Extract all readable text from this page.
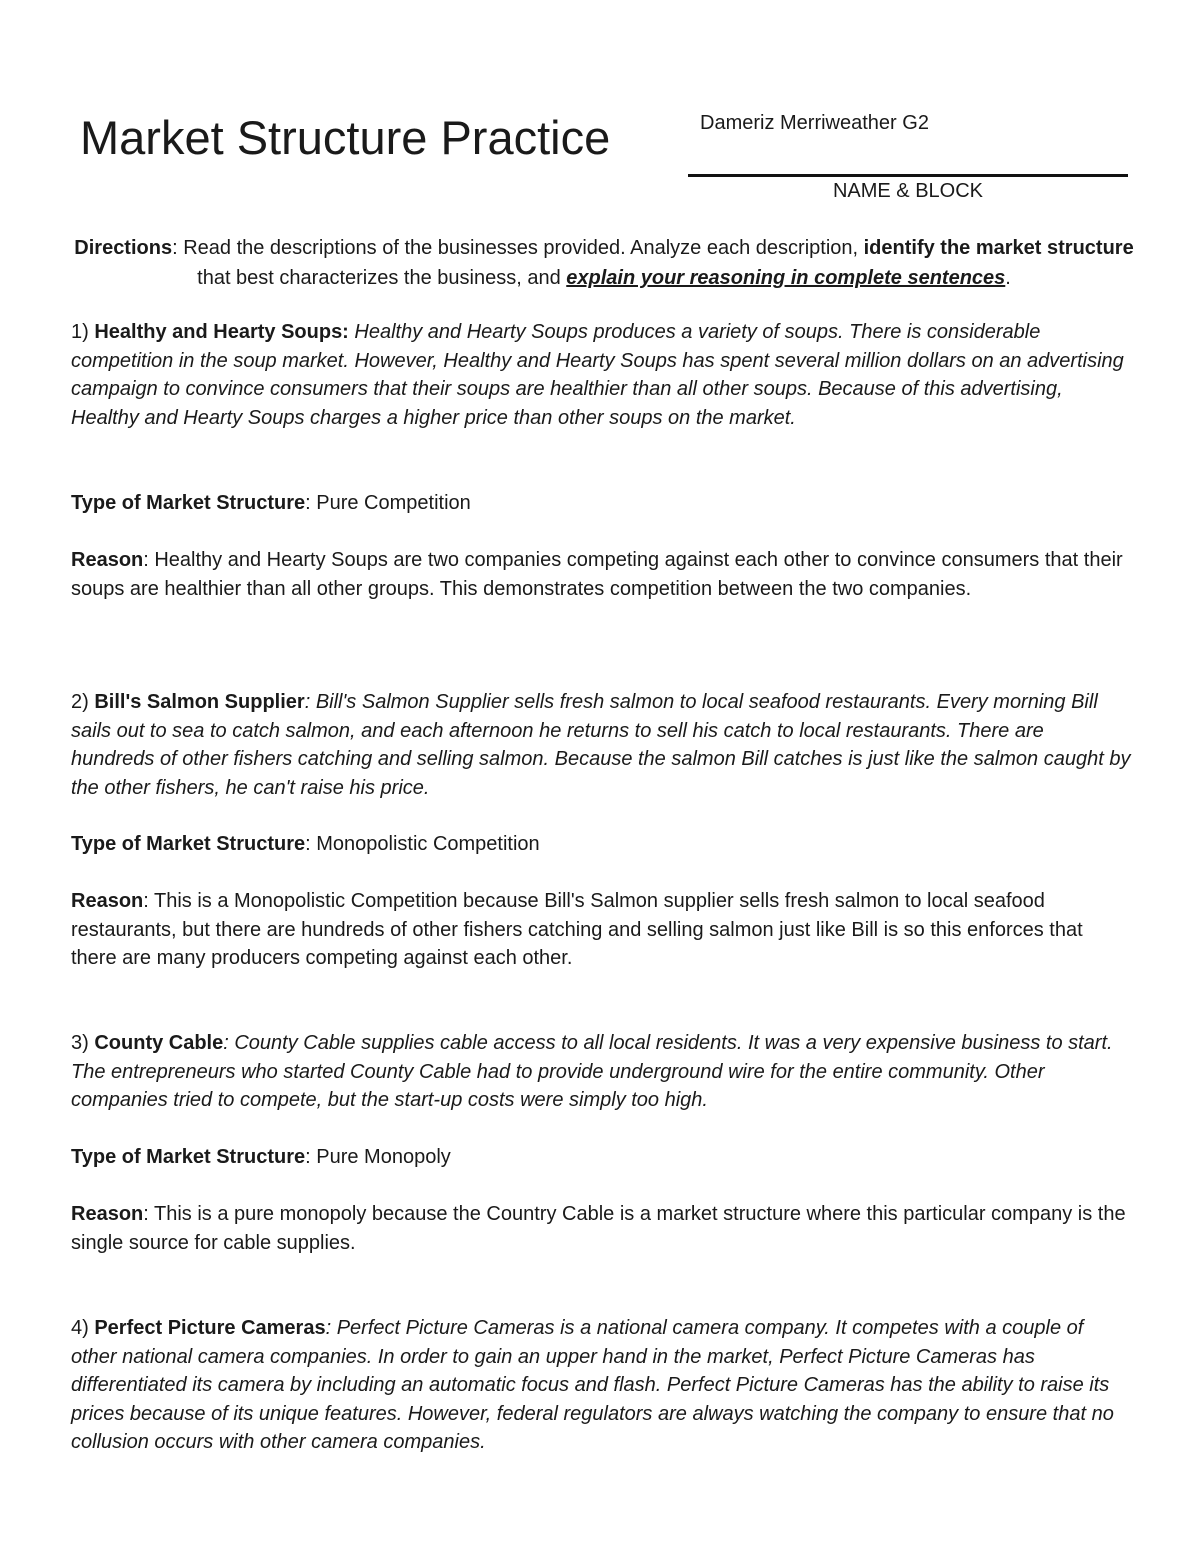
Market Structure Practice	Dameriz Merriweather G2
NAME & BLOCK
Directions: Read the descriptions of the businesses provided. Analyze each description, identify the market structure that best characterizes the business, and explain your reasoning in complete sentences.

1) Healthy and Hearty Soups: Healthy and Hearty Soups produces a variety of soups. There is considerable competition in the soup market. However, Healthy and Hearty Soups has spent several million dollars on an advertising campaign to convince consumers that their soups are healthier than all other soups. Because of this advertising, Healthy and Hearty Soups charges a higher price than other soups on the market.

Type of Market Structure: Pure Competition

Reason: Healthy and Hearty Soups are two companies competing against each other to convince consumers that their soups are healthier than all other groups. This demonstrates competition between the two companies.

2) Bill's Salmon Supplier: Bill's Salmon Supplier sells fresh salmon to local seafood restaurants. Every morning Bill sails out to sea to catch salmon, and each afternoon he returns to sell his catch to local restaurants. There are hundreds of other fishers catching and selling salmon. Because the salmon Bill catches is just like the salmon caught by the other fishers, he can't raise his price.

Type of Market Structure: Monopolistic Competition

Reason: This is a Monopolistic Competition because Bill's Salmon supplier sells fresh salmon to local seafood restaurants, but there are hundreds of other fishers catching and selling salmon just like Bill is so this enforces that there are many producers competing against each other.

3) County Cable: County Cable supplies cable access to all local residents. It was a very expensive business to start. The entrepreneurs who started County Cable had to provide underground wire for the entire community. Other companies tried to compete, but the start-up costs were simply too high.

Type of Market Structure: Pure Monopoly

Reason: This is a pure monopoly because the Country Cable is a market structure where this particular company is the single source for cable supplies.

4) Perfect Picture Cameras: Perfect Picture Cameras is a national camera company. It competes with a couple of other national camera companies. In order to gain an upper hand in the market, Perfect Picture Cameras has differentiated its camera by including an automatic focus and flash. Perfect Picture Cameras has the ability to raise its prices because of its unique features. However, federal regulators are always watching the company to ensure that no collusion occurs with other camera companies.
